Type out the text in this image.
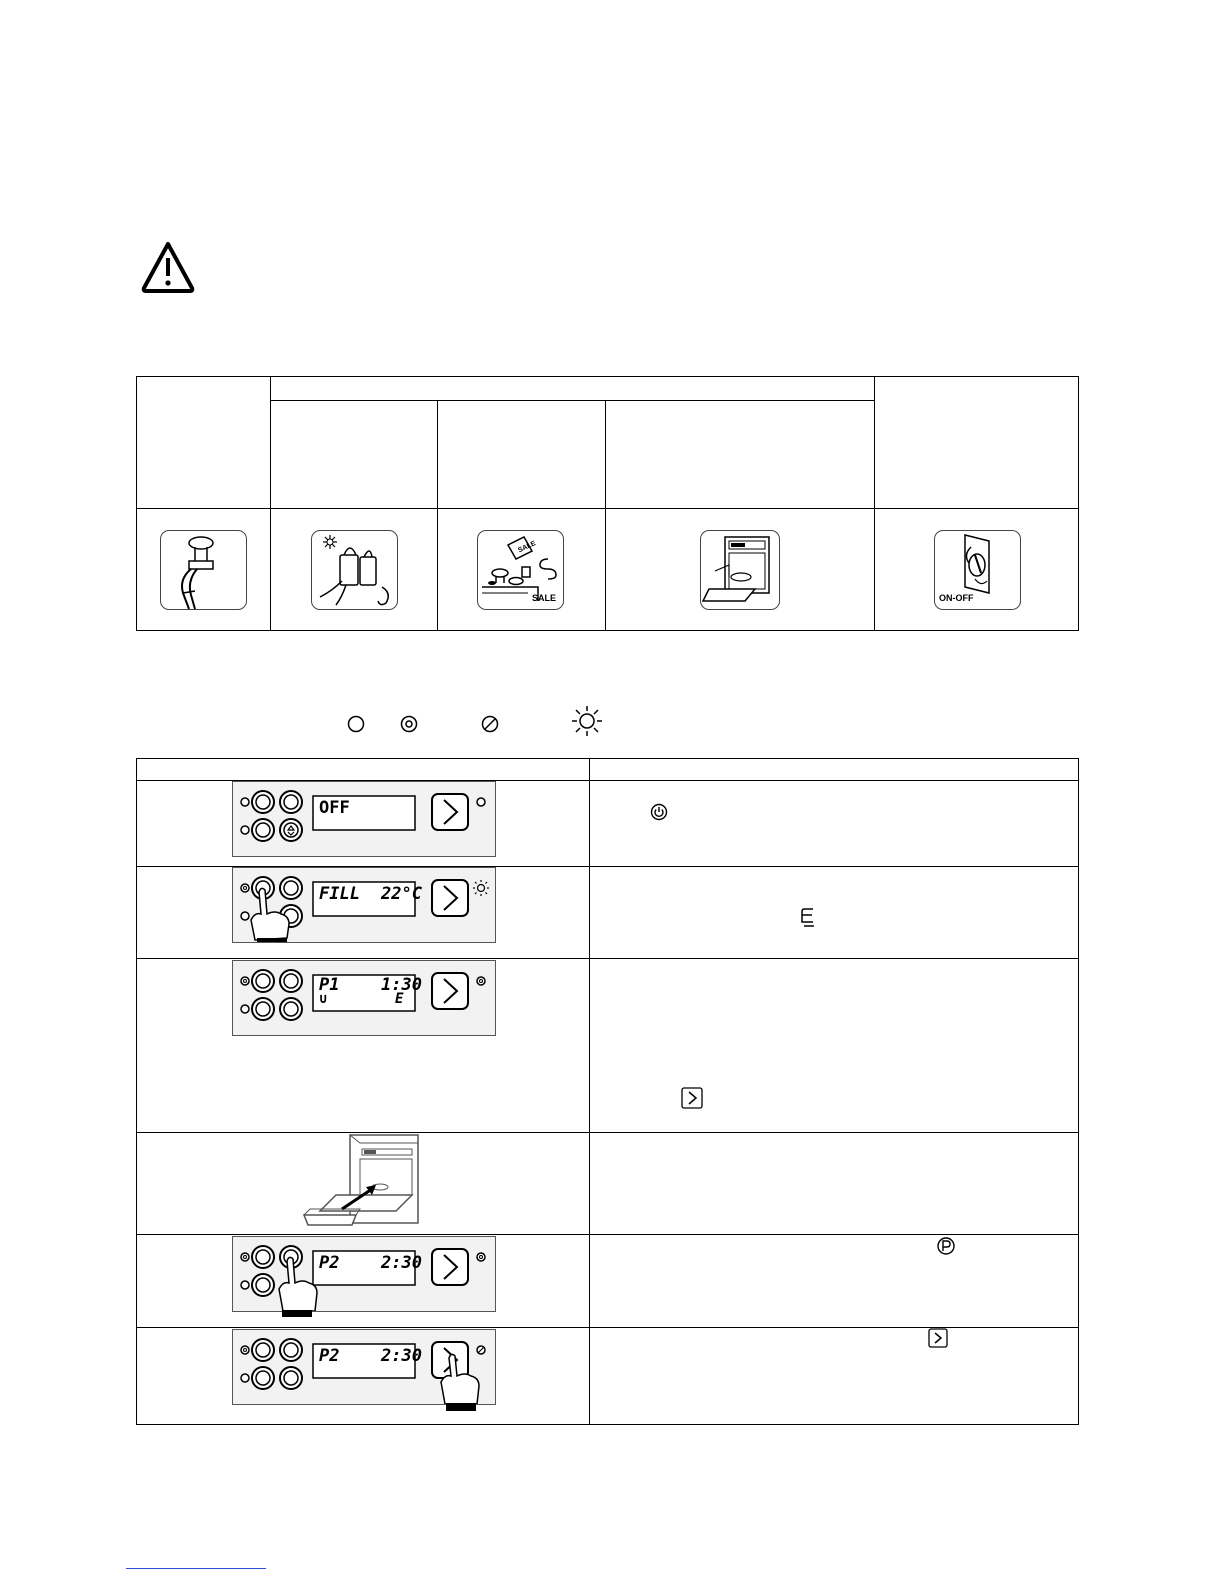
SALE
SALE	ON-OFF
OFF
FILL 22°C
P1 1:30
∪	E
P2 2:30
P2 2:30
